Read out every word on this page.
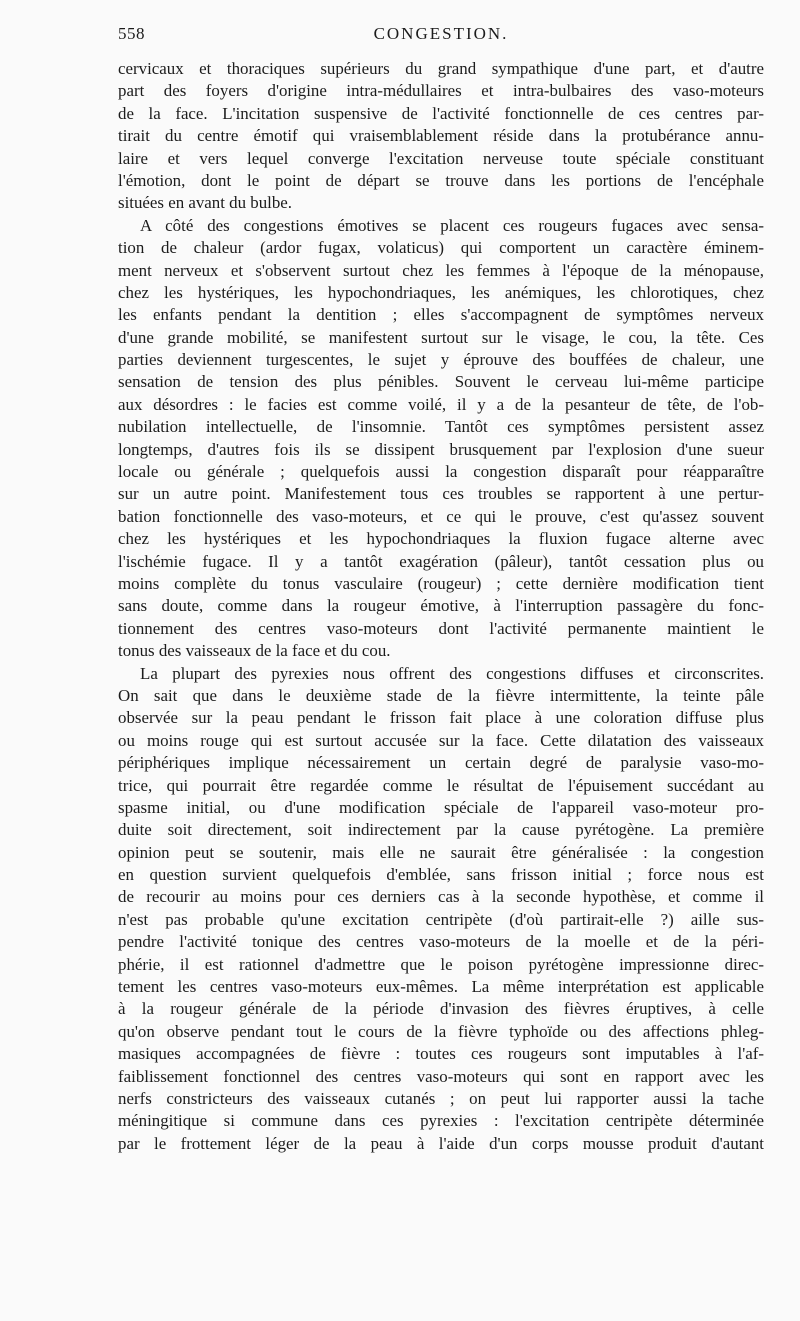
558	CONGESTION.
cervicaux et thoraciques supérieurs du grand sympathique d'une part, et d'autre
part des foyers d'origine intra-médullaires et intra-bulbaires des vaso-moteurs
de la face. L'incitation suspensive de l'activité fonctionnelle de ces centres par-
tirait du centre émotif qui vraisemblablement réside dans la protubérance annu-
laire et vers lequel converge l'excitation nerveuse toute spéciale constituant
l'émotion, dont le point de départ se trouve dans les portions de l'encéphale
situées en avant du bulbe.
A côté des congestions émotives se placent ces rougeurs fugaces avec sensa-
tion de chaleur (ardor fugax, volaticus) qui comportent un caractère éminem-
ment nerveux et s'observent surtout chez les femmes à l'époque de la ménopause,
chez les hystériques, les hypochondriaques, les anémiques, les chlorotiques, chez
les enfants pendant la dentition ; elles s'accompagnent de symptômes nerveux
d'une grande mobilité, se manifestent surtout sur le visage, le cou, la tête. Ces
parties deviennent turgescentes, le sujet y éprouve des bouffées de chaleur, une
sensation de tension des plus pénibles. Souvent le cerveau lui-même participe
aux désordres : le facies est comme voilé, il y a de la pesanteur de tête, de l'ob-
nubilation intellectuelle, de l'insomnie. Tantôt ces symptômes persistent assez
longtemps, d'autres fois ils se dissipent brusquement par l'explosion d'une sueur
locale ou générale ; quelquefois aussi la congestion disparaît pour réapparaître
sur un autre point. Manifestement tous ces troubles se rapportent à une pertur-
bation fonctionnelle des vaso-moteurs, et ce qui le prouve, c'est qu'assez souvent
chez les hystériques et les hypochondriaques la fluxion fugace alterne avec
l'ischémie fugace. Il y a tantôt exagération (pâleur), tantôt cessation plus ou
moins complète du tonus vasculaire (rougeur) ; cette dernière modification tient
sans doute, comme dans la rougeur émotive, à l'interruption passagère du fonc-
tionnement des centres vaso-moteurs dont l'activité permanente maintient le
tonus des vaisseaux de la face et du cou.
La plupart des pyrexies nous offrent des congestions diffuses et circonscrites.
On sait que dans le deuxième stade de la fièvre intermittente, la teinte pâle
observée sur la peau pendant le frisson fait place à une coloration diffuse plus
ou moins rouge qui est surtout accusée sur la face. Cette dilatation des vaisseaux
périphériques implique nécessairement un certain degré de paralysie vaso-mo-
trice, qui pourrait être regardée comme le résultat de l'épuisement succédant au
spasme initial, ou d'une modification spéciale de l'appareil vaso-moteur pro-
duite soit directement, soit indirectement par la cause pyrétogène. La première
opinion peut se soutenir, mais elle ne saurait être généralisée : la congestion
en question survient quelquefois d'emblée, sans frisson initial ; force nous est
de recourir au moins pour ces derniers cas à la seconde hypothèse, et comme il
n'est pas probable qu'une excitation centripète (d'où partirait-elle ?) aille sus-
pendre l'activité tonique des centres vaso-moteurs de la moelle et de la péri-
phérie, il est rationnel d'admettre que le poison pyrétogène impressionne direc-
tement les centres vaso-moteurs eux-mêmes. La même interprétation est applicable
à la rougeur générale de la période d'invasion des fièvres éruptives, à celle
qu'on observe pendant tout le cours de la fièvre typhoïde ou des affections phleg-
masiques accompagnées de fièvre : toutes ces rougeurs sont imputables à l'af-
faiblissement fonctionnel des centres vaso-moteurs qui sont en rapport avec les
nerfs constricteurs des vaisseaux cutanés ; on peut lui rapporter aussi la tache
méningitique si commune dans ces pyrexies : l'excitation centripète déterminée
par le frottement léger de la peau à l'aide d'un corps mousse produit d'autant
